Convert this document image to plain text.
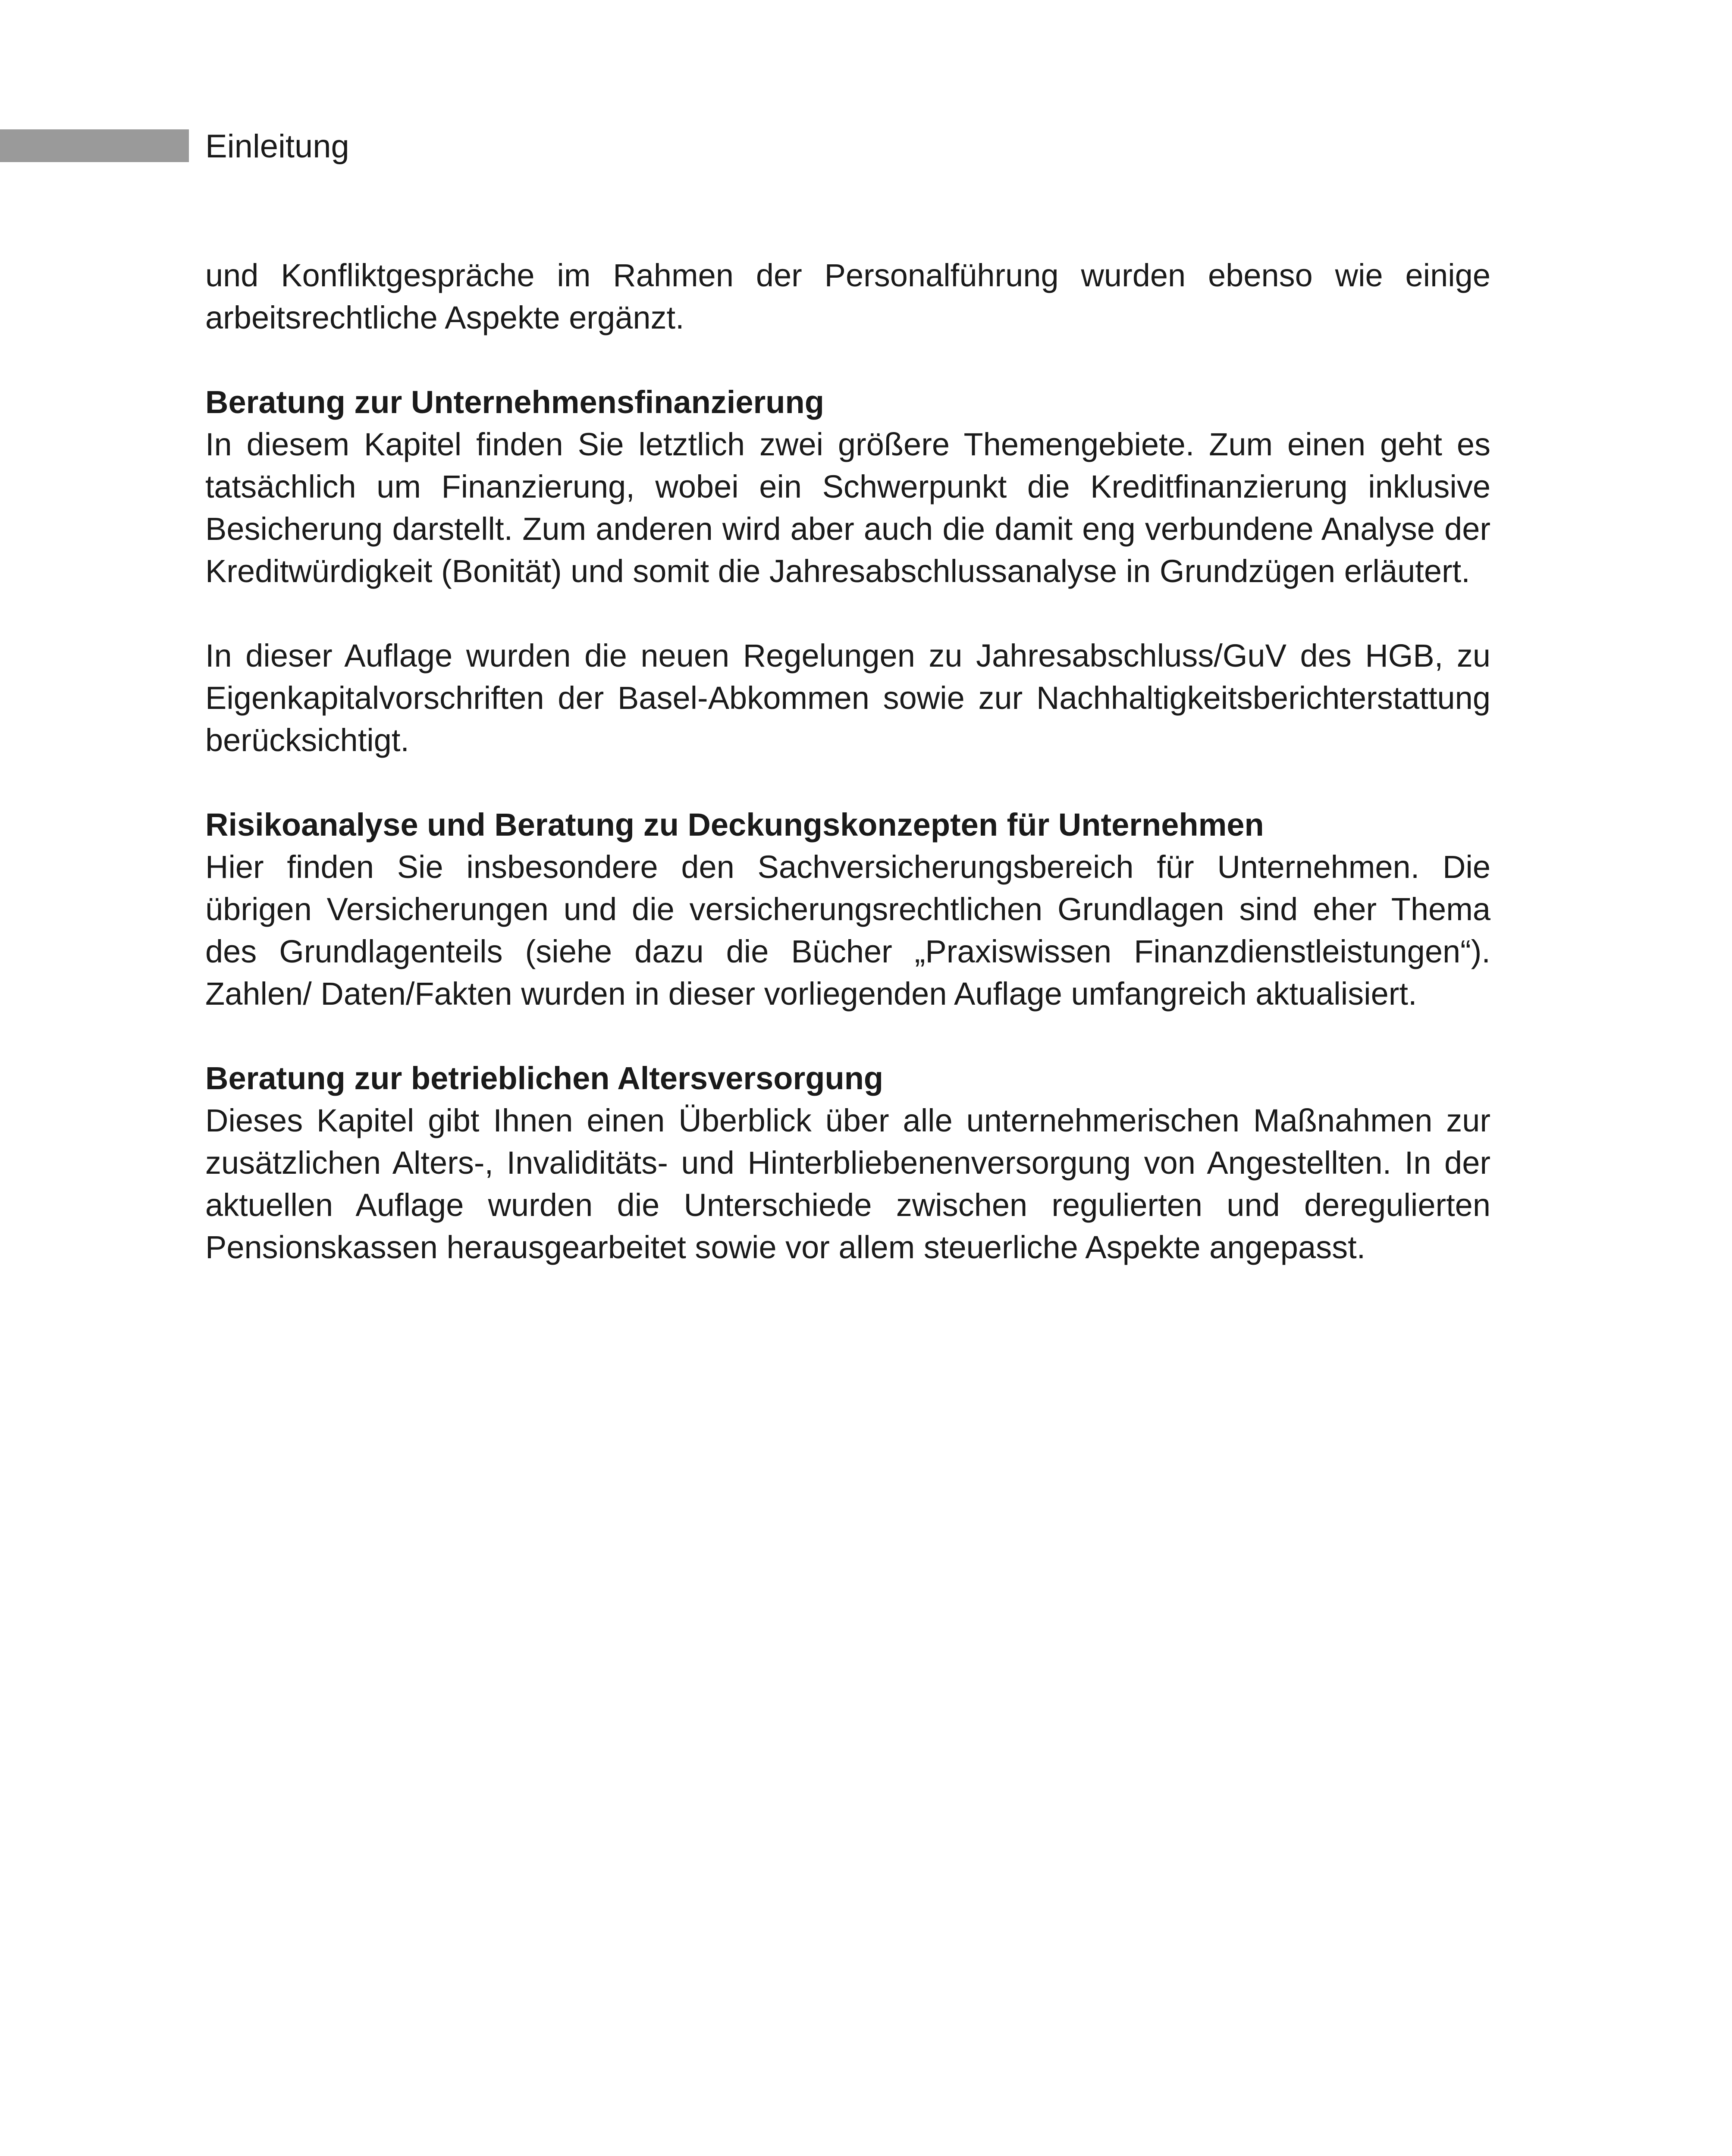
Einleitung

und Konfliktgespräche im Rahmen der Personalführung wurden ebenso wie einige arbeitsrechtliche Aspekte ergänzt.

Beratung zur Unternehmensfinanzierung

In diesem Kapitel finden Sie letztlich zwei größere Themengebiete. Zum einen geht es tatsächlich um Finanzierung, wobei ein Schwerpunkt die Kreditfinanzierung inklusive Besicherung darstellt. Zum anderen wird aber auch die damit eng verbundene Analyse der Kreditwürdigkeit (Bonität) und somit die Jahresabschlussanalyse in Grundzügen erläutert.

In dieser Auflage wurden die neuen Regelungen zu Jahresabschluss/GuV des HGB, zu Eigenkapitalvorschriften der Basel-Abkommen sowie zur Nachhaltigkeitsberichterstattung berücksichtigt.

Risikoanalyse und Beratung zu Deckungskonzepten für Unternehmen

Hier finden Sie insbesondere den Sachversicherungsbereich für Unternehmen. Die übrigen Versicherungen und die versicherungsrechtlichen Grundlagen sind eher Thema des Grundlagenteils (siehe dazu die Bücher „Praxiswissen Finanzdienstleistungen“). Zahlen/ Daten/Fakten wurden in dieser vorliegenden Auflage umfangreich aktualisiert.

Beratung zur betrieblichen Altersversorgung

Dieses Kapitel gibt Ihnen einen Überblick über alle unternehmerischen Maßnahmen zur zusätzlichen Alters-, Invaliditäts- und Hinterbliebenenversorgung von Angestellten. In der aktuellen Auflage wurden die Unterschiede zwischen regulierten und deregulierten Pensionskassen herausgearbeitet sowie vor allem steuerliche Aspekte angepasst.
